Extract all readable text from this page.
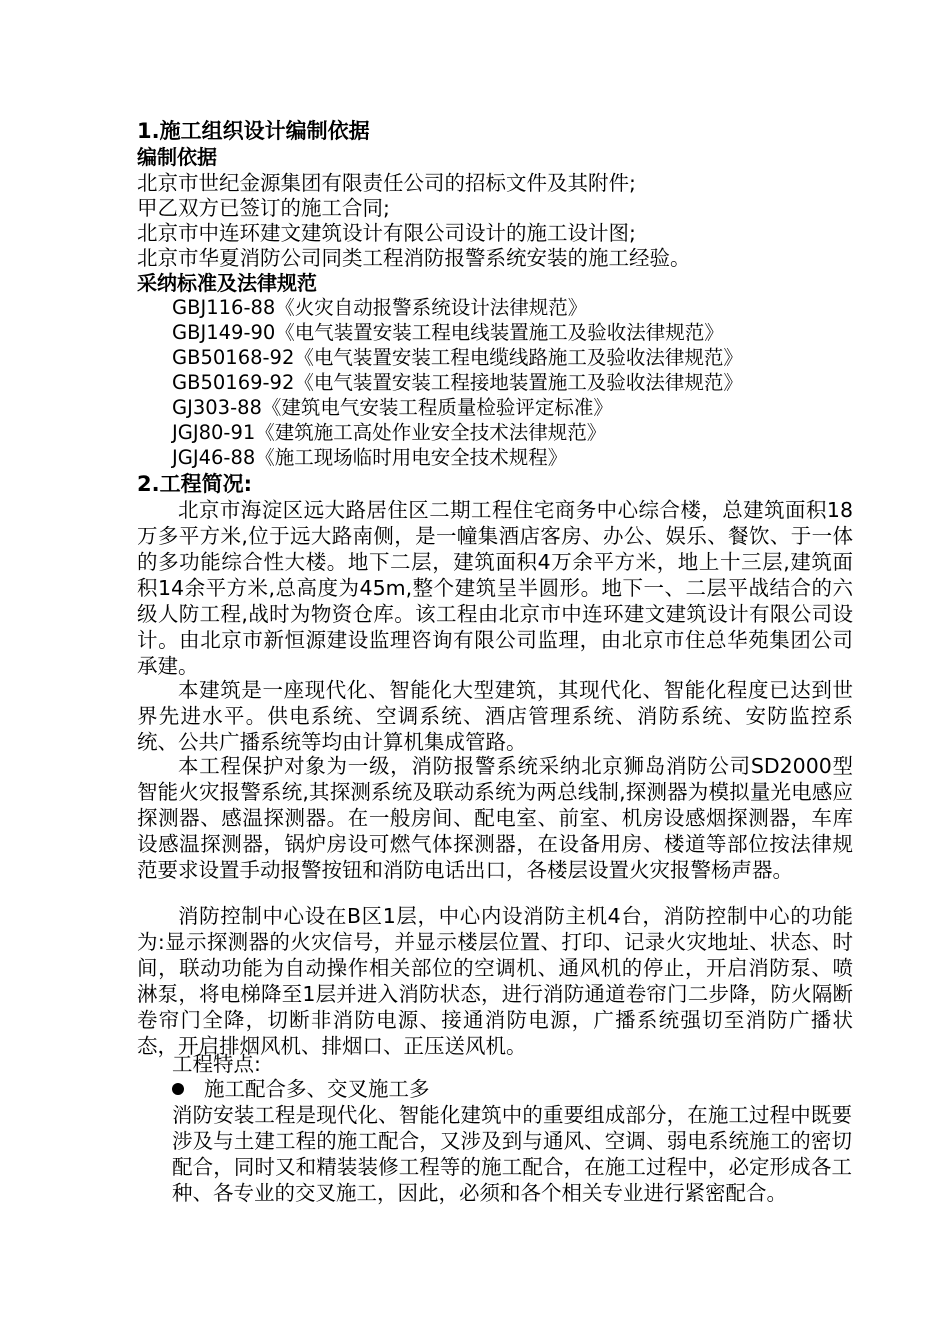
1.施工组织设计编制依据
编制依据
北京市世纪金源集团有限责任公司的招标文件及其附件;
甲乙双方已签订的施工合同;
北京市中连环建文建筑设计有限公司设计的施工设计图;
北京市华夏消防公司同类工程消防报警系统安装的施工经验。
采纳标准及法律规范
GBJ116-88《火灾自动报警系统设计法律规范》
GBJ149-90《电气装置安装工程电线装置施工及验收法律规范》
GB50168-92《电气装置安装工程电缆线路施工及验收法律规范》
GB50169-92《电气装置安装工程接地装置施工及验收法律规范》
GJ303-88《建筑电气安装工程质量检验评定标准》
JGJ80-91《建筑施工高处作业安全技术法律规范》
JGJ46-88《施工现场临时用电安全技术规程》
2.工程简况:
北京市海淀区远大路居住区二期工程住宅商务中心综合楼，总建筑面积18万多平方米,位于远大路南侧，是一幢集酒店客房、办公、娱乐、餐饮、于一体的多功能综合性大楼。地下二层，建筑面积4万余平方米，地上十三层,建筑面积14余平方米,总高度为45m,整个建筑呈半圆形。地下一、二层平战结合的六级人防工程,战时为物资仓库。该工程由北京市中连环建文建筑设计有限公司设计。由北京市新恒源建设监理咨询有限公司监理，由北京市住总华苑集团公司承建。
本建筑是一座现代化、智能化大型建筑，其现代化、智能化程度已达到世界先进水平。供电系统、空调系统、酒店管理系统、消防系统、安防监控系统、公共广播系统等均由计算机集成管路。
本工程保护对象为一级，消防报警系统采纳北京狮岛消防公司SD2000型智能火灾报警系统,其探测系统及联动系统为两总线制,探测器为模拟量光电感应探测器、感温探测器。在一般房间、配电室、前室、机房设感烟探测器，车库设感温探测器，锅炉房设可燃气体探测器，在设备用房、楼道等部位按法律规范要求设置手动报警按钮和消防电话出口，各楼层设置火灾报警杨声器。
消防控制中心设在B区1层，中心内设消防主机4台，消防控制中心的功能为:显示探测器的火灾信号，并显示楼层位置、打印、记录火灾地址、状态、时间，联动功能为自动操作相关部位的空调机、通风机的停止，开启消防泵、喷淋泵，将电梯降至1层并进入消防状态，进行消防通道卷帘门二步降，防火隔断卷帘门全降，切断非消防电源、接通消防电源，广播系统强切至消防广播状态，开启排烟风机、排烟口、正压送风机。
工程特点:
施工配合多、交叉施工多
消防安装工程是现代化、智能化建筑中的重要组成部分，在施工过程中既要涉及与土建工程的施工配合，又涉及到与通风、空调、弱电系统施工的密切配合，同时又和精装装修工程等的施工配合，在施工过程中，必定形成各工种、各专业的交叉施工，因此，必须和各个相关专业进行紧密配合。
